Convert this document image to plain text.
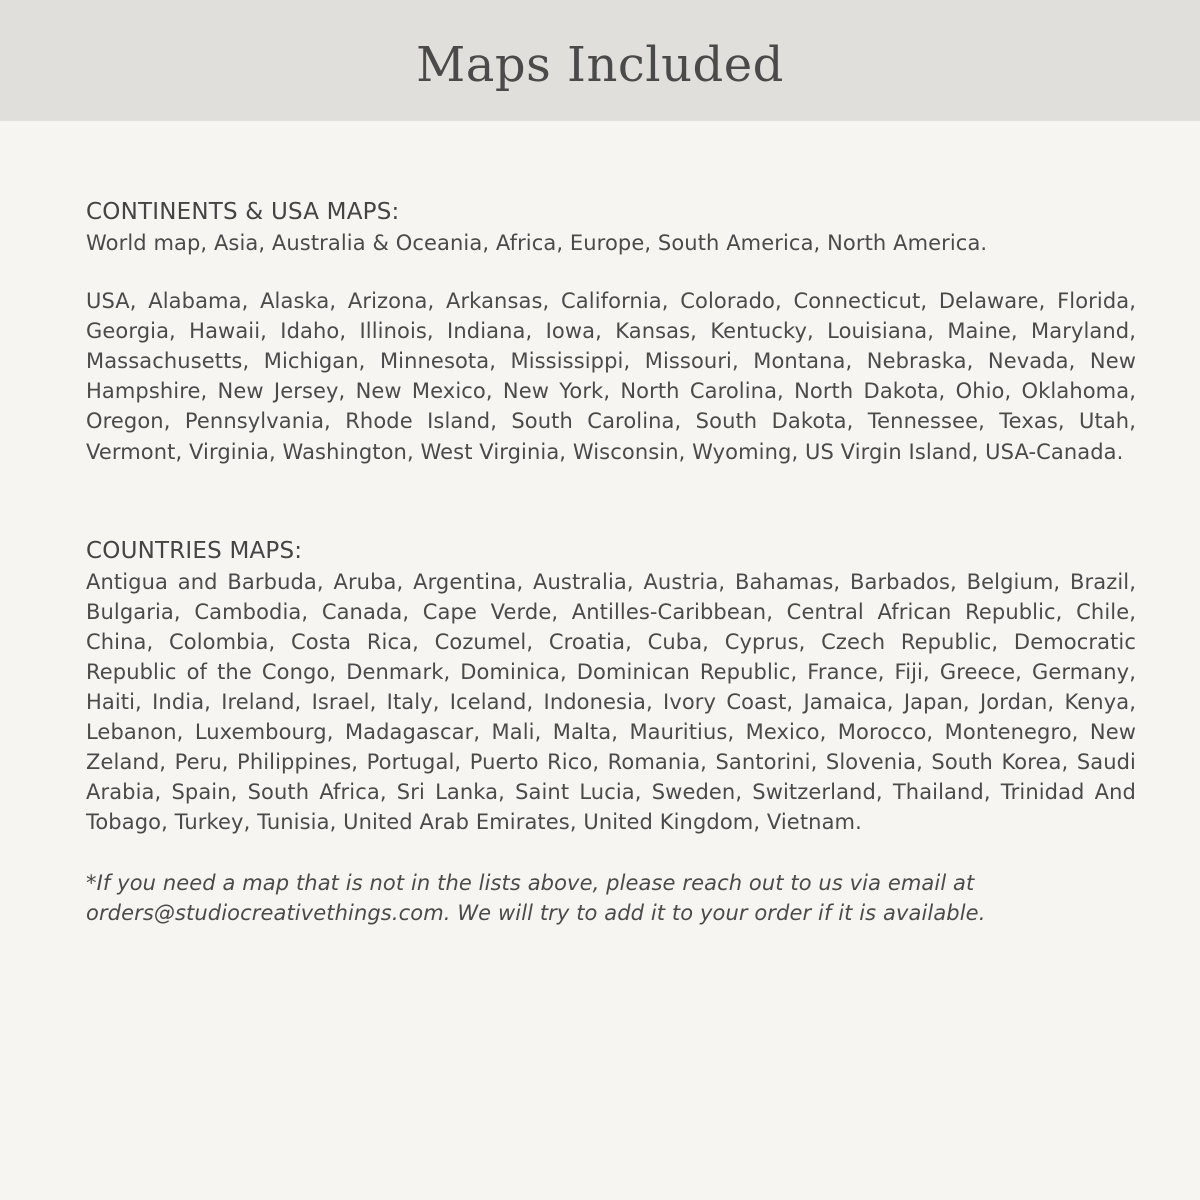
Maps Included
CONTINENTS & USA MAPS:

World map, Asia, Australia & Oceania, Africa, Europe, South America, North America.

USA, Alabama, Alaska, Arizona, Arkansas, California, Colorado, Connecticut, Delaware, Florida, Georgia, Hawaii, Idaho, Illinois, Indiana, Iowa, Kansas, Kentucky, Louisiana, Maine, Maryland, Massachusetts, Michigan, Minnesota, Mississippi, Missouri, Montana, Nebraska, Nevada, New Hampshire, New Jersey, New Mexico, New York, North Carolina, North Dakota, Ohio, Oklahoma, Oregon, Pennsylvania, Rhode Island, South Carolina, South Dakota, Tennessee, Texas, Utah, Vermont, Virginia, Washington, West Virginia, Wisconsin, Wyoming, US Virgin Island, USA-Canada.

COUNTRIES MAPS:

Antigua and Barbuda, Aruba, Argentina, Australia, Austria, Bahamas, Barbados, Belgium, Brazil, Bulgaria, Cambodia, Canada, Cape Verde, Antilles-Caribbean, Central African Republic, Chile, China, Colombia, Costa Rica, Cozumel, Croatia, Cuba, Cyprus, Czech Republic, Democratic Republic of the Congo, Denmark, Dominica, Dominican Republic, France, Fiji, Greece, Germany, Haiti, India, Ireland, Israel, Italy, Iceland, Indonesia, Ivory Coast, Jamaica, Japan, Jordan, Kenya, Lebanon, Luxembourg, Madagascar, Mali, Malta, Mauritius, Mexico, Morocco, Montenegro, New Zeland, Peru, Philippines, Portugal, Puerto Rico, Romania, Santorini, Slovenia, South Korea, Saudi Arabia, Spain, South Africa, Sri Lanka, Saint Lucia, Sweden, Switzerland, Thailand, Trinidad And Tobago, Turkey, Tunisia, United Arab Emirates, United Kingdom, Vietnam.

*If you need a map that is not in the lists above, please reach out to us via email at orders@studiocreativethings.com. We will try to add it to your order if it is available.
